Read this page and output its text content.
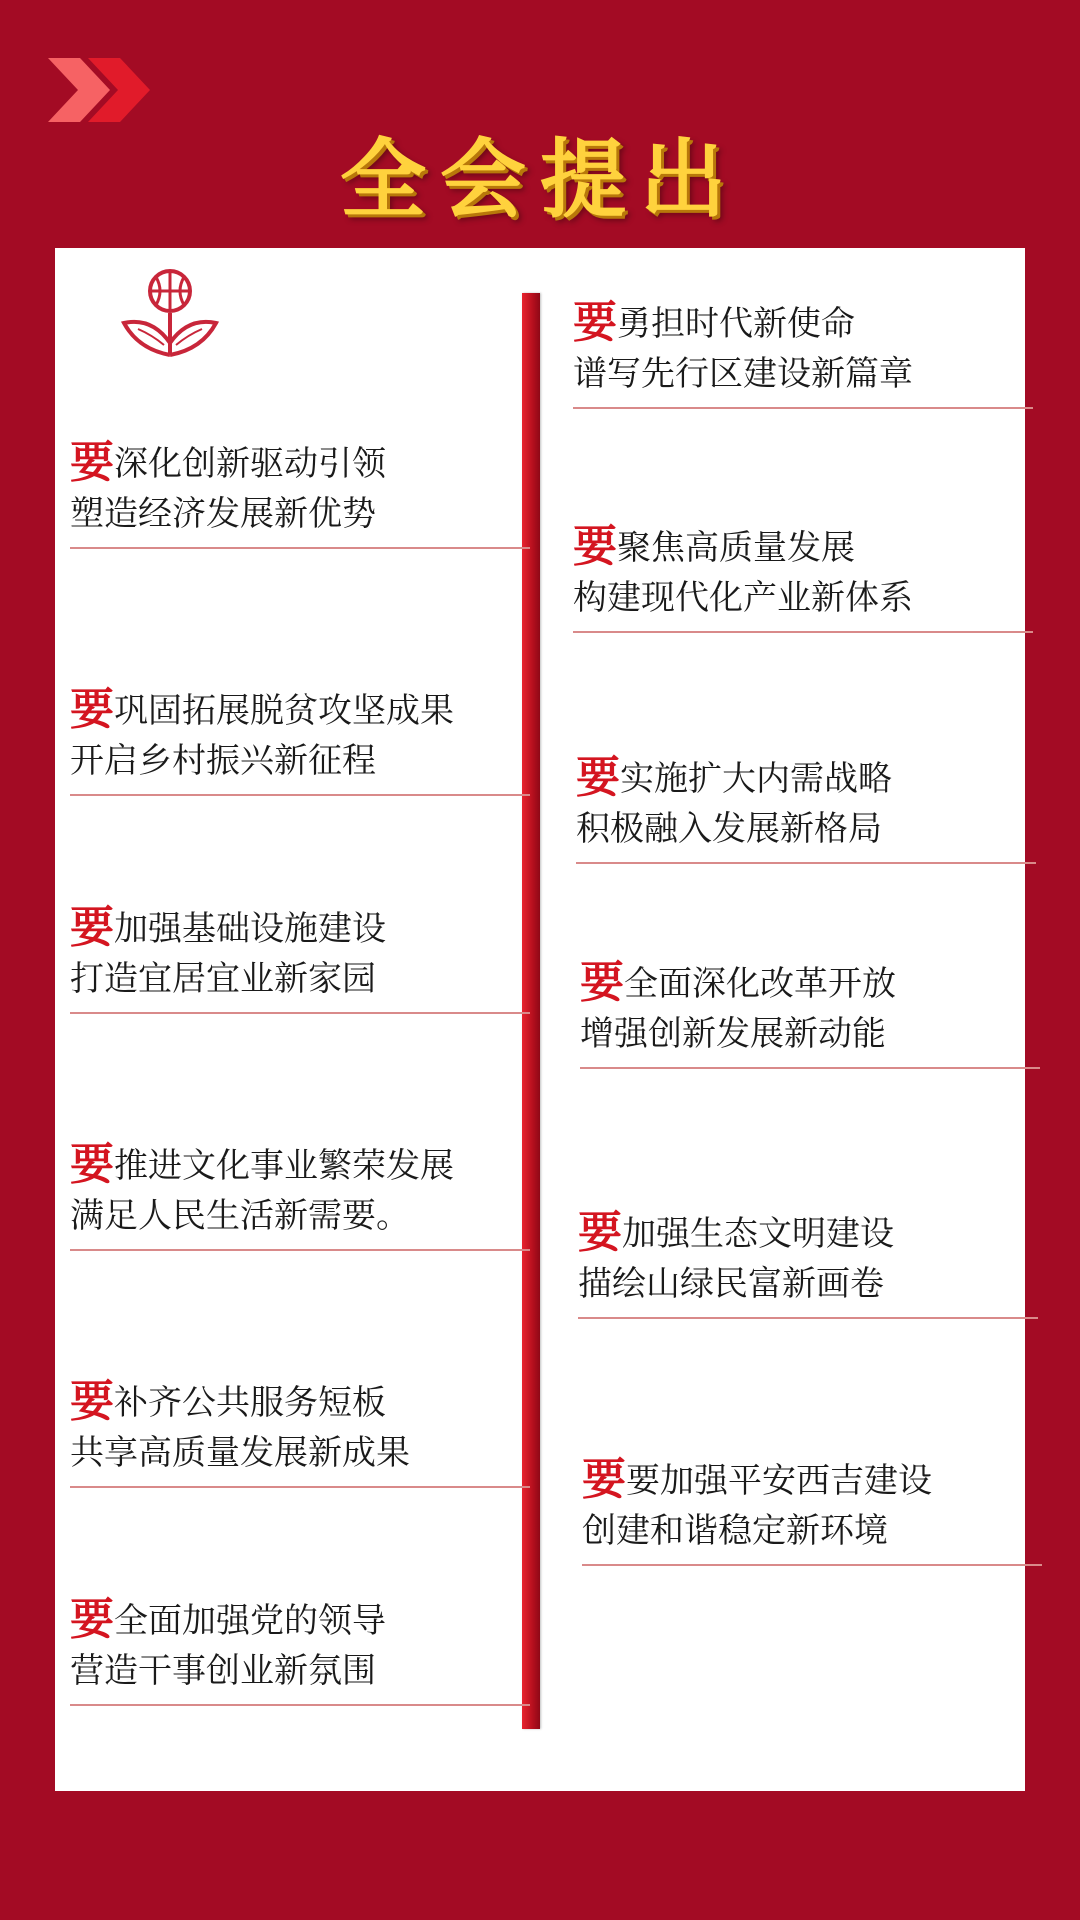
全会提出
要深化创新驱动引领
塑造经济发展新优势
要巩固拓展脱贫攻坚成果
开启乡村振兴新征程
要加强基础设施建设
打造宜居宜业新家园
要推进文化事业繁荣发展
满足人民生活新需要。
要补齐公共服务短板
共享高质量发展新成果
要全面加强党的领导
营造干事创业新氛围
要勇担时代新使命
谱写先行区建设新篇章
要聚焦高质量发展
构建现代化产业新体系
要实施扩大内需战略
积极融入发展新格局
要全面深化改革开放
增强创新发展新动能
要加强生态文明建设
描绘山绿民富新画卷
要要加强平安西吉建设
创建和谐稳定新环境
